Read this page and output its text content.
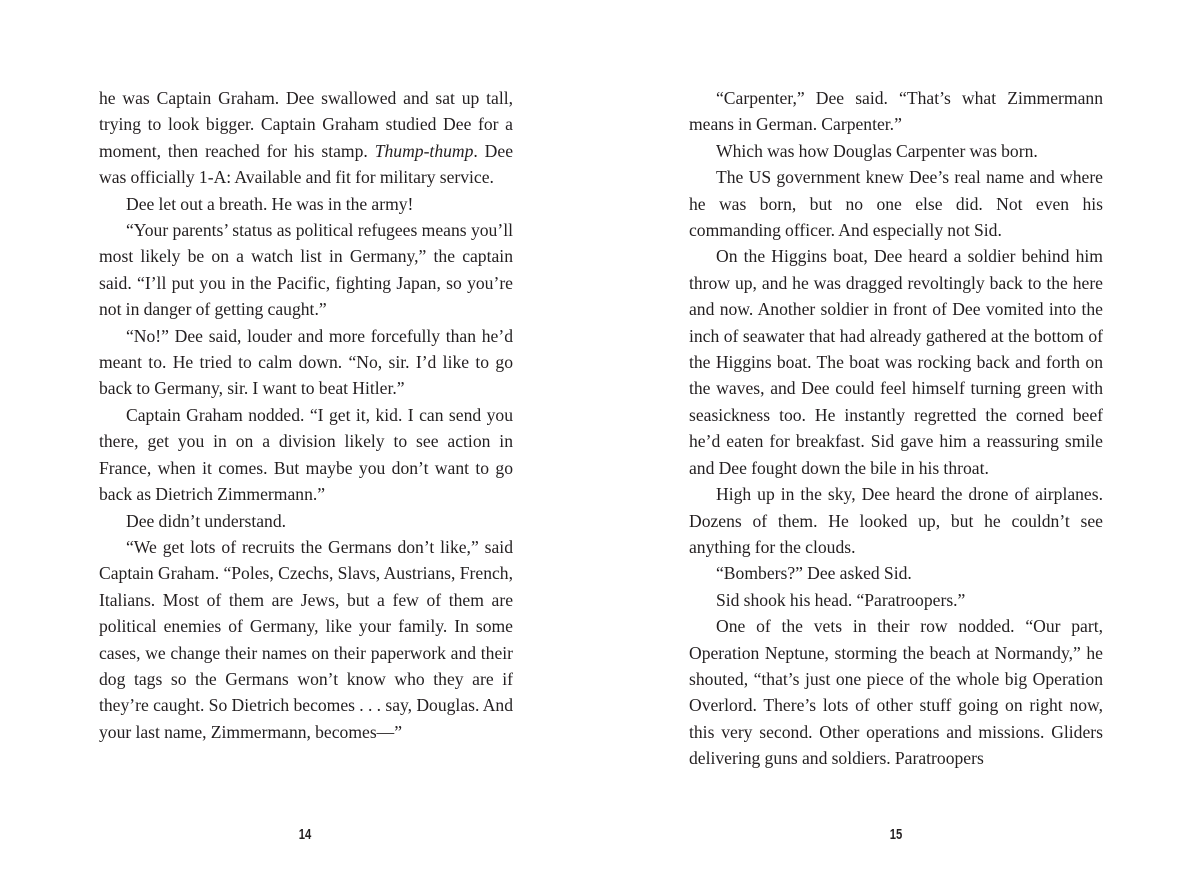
he was Captain Graham. Dee swallowed and sat up tall, trying to look bigger. Captain Graham studied Dee for a moment, then reached for his stamp. Thump-thump. Dee was officially 1-A: Available and fit for military service.

Dee let out a breath. He was in the army!

“Your parents’ status as political refugees means you’ll most likely be on a watch list in Germany,” the captain said. “I’ll put you in the Pacific, fighting Japan, so you’re not in danger of getting caught.”

“No!” Dee said, louder and more forcefully than he’d meant to. He tried to calm down. “No, sir. I’d like to go back to Germany, sir. I want to beat Hitler.”

Captain Graham nodded. “I get it, kid. I can send you there, get you in on a division likely to see action in France, when it comes. But maybe you don’t want to go back as Dietrich Zimmermann.”

Dee didn’t understand.

“We get lots of recruits the Germans don’t like,” said Captain Graham. “Poles, Czechs, Slavs, Austrians, French, Italians. Most of them are Jews, but a few of them are political enemies of Germany, like your family. In some cases, we change their names on their paperwork and their dog tags so the Germans won’t know who they are if they’re caught. So Dietrich becomes . . . say, Douglas. And your last name, Zimmermann, becomes—”

“Carpenter,” Dee said. “That’s what Zimmermann means in German. Carpenter.”

Which was how Douglas Carpenter was born.

The US government knew Dee’s real name and where he was born, but no one else did. Not even his commanding officer. And especially not Sid.

On the Higgins boat, Dee heard a soldier behind him throw up, and he was dragged revoltingly back to the here and now. Another soldier in front of Dee vomited into the inch of seawater that had already gathered at the bottom of the Higgins boat. The boat was rocking back and forth on the waves, and Dee could feel himself turning green with seasickness too. He instantly regretted the corned beef he’d eaten for breakfast. Sid gave him a reassuring smile and Dee fought down the bile in his throat.

High up in the sky, Dee heard the drone of airplanes. Dozens of them. He looked up, but he couldn’t see anything for the clouds.

“Bombers?” Dee asked Sid.

Sid shook his head. “Paratroopers.”

One of the vets in their row nodded. “Our part, Operation Neptune, storming the beach at Normandy,” he shouted, “that’s just one piece of the whole big Operation Overlord. There’s lots of other stuff going on right now, this very second. Other operations and missions. Gliders delivering guns and soldiers. Paratroopers

14	15
